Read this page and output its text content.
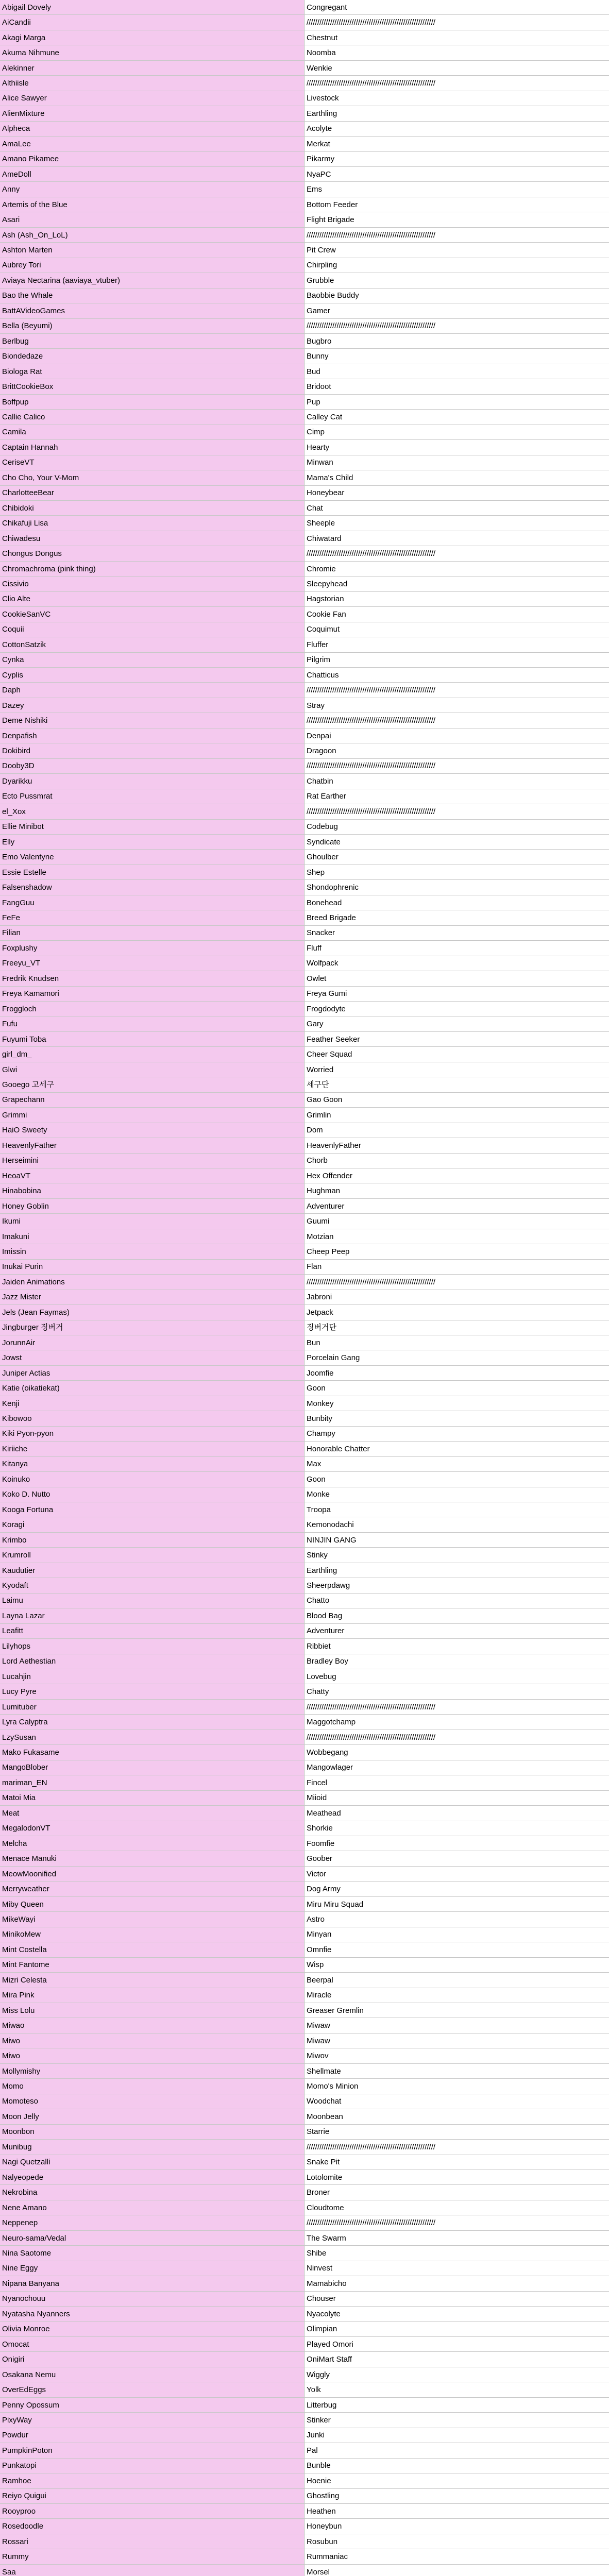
Abigail Dovely	Congregant
AiCandii	////////////////////////////////////////////////////////////
Akagi Marga	Chestnut
Akuma Nihmune	Noomba
Alekinner	Wenkie
Althiisle	////////////////////////////////////////////////////////////
Alice Sawyer	Livestock
AlienMixture	Earthling
Alpheca	Acolyte
AmaLee	Merkat
Amano Pikamee	Pikarmy
AmeDoll	NyaPC
Anny	Ems
Artemis of the Blue	Bottom Feeder
Asari	Flight Brigade
Ash (Ash_On_LoL)	////////////////////////////////////////////////////////////
Ashton Marten	Pit Crew
Aubrey Tori	Chirpling
Aviaya Nectarina (aaviaya_vtuber)	Grubble
Bao the Whale	Baobbie Buddy
BattAVideoGames	Gamer
Bella (Beyumi)	////////////////////////////////////////////////////////////
Berlbug	Bugbro
Biondedaze	Bunny
Biologa Rat	Bud
BrittCookieBox	Bridoot
Boffpup	Pup
Callie Calico	Calley Cat
Camila	Cimp
Captain Hannah	Hearty
CeriseVT	Minwan
Cho Cho, Your V-Mom	Mama's Child
CharlotteeBear	Honeybear
Chibidoki	Chat
Chikafuji Lisa	Sheeple
Chiwadesu	Chiwatard
Chongus Dongus	////////////////////////////////////////////////////////////
Chromachroma (pink thing)	Chromie
Cissivio	Sleepyhead
Clio Alte	Hagstorian
CookieSanVC	Cookie Fan
Coquii	Coquimut
CottonSatzik	Fluffer
Cynka	Pilgrim
Cyplis	Chatticus
Daph	////////////////////////////////////////////////////////////
Dazey	Stray
Deme Nishiki	////////////////////////////////////////////////////////////
Denpafish	Denpai
Dokibird	Dragoon
Dooby3D	////////////////////////////////////////////////////////////
Dyarikku	Chatbin
Ecto Pussmrat	Rat Earther
el_Xox	////////////////////////////////////////////////////////////
Ellie Minibot	Codebug
Elly	Syndicate
Emo Valentyne	Ghoulber
Essie Estelle	Shep
Falsenshadow	Shondophrenic
FangGuu	Bonehead
FeFe	Breed Brigade
Filian	Snacker
Foxplushy	Fluff
Freeyu_VT	Wolfpack
Fredrik Knudsen	Owlet
Freya Kamamori	Freya Gumi
Froggloch	Frogdodyte
Fufu	Gary
Fuyumi Toba	Feather Seeker
girl_dm_	Cheer Squad
Glwi	Worried
Gooego 고세구	세구단
Grapechann	Gao Goon
Grimmi	Grimlin
HaiO Sweety	Dom
HeavenlyFather	HeavenlyFather
Herseimini	Chorb
HeoaVT	Hex Offender
Hinabobina	Hughman
Honey Goblin	Adventurer
Ikumi	Guumi
Imakuni	Motzian
Imissin	Cheep Peep
Inukai Purin	Flan
Jaiden Animations	////////////////////////////////////////////////////////////
Jazz Mister	Jabroni
Jels (Jean Faymas)	Jetpack
Jingburger 징버거	징버거단
JorunnAir	Bun
Jowst	Porcelain Gang
Juniper Actias	Joomfie
Katie (oikatiekat)	Goon
Kenji	Monkey
Kibowoo	Bunbity
Kiki Pyon-pyon	Champy
Kiriiche	Honorable Chatter
Kitanya	Max
Koinuko	Goon
Koko D. Nutto	Monke
Kooga Fortuna	Troopa
Koragi	Kemonodachi
Krimbo	NINJIN GANG
Krumroll	Stinky
Kaudutier	Earthling
Kyodaft	Sheerpdawg
Laimu	Chatto
Layna Lazar	Blood Bag
Leafitt	Adventurer
Lilyhops	Ribbiet
Lord Aethestian	Bradley Boy
Lucahjin	Lovebug
Lucy Pyre	Chatty
Lumituber	////////////////////////////////////////////////////////////
Lyra Calyptra	Maggotchamp
LzySusan	////////////////////////////////////////////////////////////
Mako Fukasame	Wobbegang
MangoBlober	Mangowlager
mariman_EN	Fincel
Matoi Mia	Miioid
Meat	Meathead
MegalodonVT	Shorkie
Melcha	Foomfie
Menace Manuki	Goober
MeowMoonified	Victor
Merryweather	Dog Army
Miby Queen	Miru Miru Squad
MikeWayi	Astro
MinikoMew	Minyan
Mint Costella	Omnfie
Mint Fantome	Wisp
Mizri Celesta	Beerpal
Mira Pink	Miracle
Miss Lolu	Greaser Gremlin
Miwao	Miwaw
Miwo	Miwaw
Miwo	Miwov
Mollymishy	Shellmate
Momo	Momo's Minion
Momoteso	Woodchat
Moon Jelly	Moonbean
Moonbon	Starrie
Munibug	////////////////////////////////////////////////////////////
Nagi Quetzalli	Snake Pit
Nalyeopede	Lotolomite
Nekrobina	Broner
Nene Amano	Cloudtome
Neppenep	////////////////////////////////////////////////////////////
Neuro-sama/Vedal	The Swarm
Nina Saotome	Shibe
Nine Eggy	Ninvest
Nipana Banyana	Mamabicho
Nyanochouu	Chouser
Nyatasha Nyanners	Nyacolyte
Olivia Monroe	Olimpian
Omocat	Played Omori
Onigiri	OniMart Staff
Osakana Nemu	Wiggly
OverEdEggs	Yolk
Penny Opossum	Litterbug
PixyWay	Stinker
Powdur	Junki
PumpkinPoton	Pal
Punkatopi	Bunble
Ramhoe	Hoenie
Reiyo Quigui	Ghostling
Rooyproo	Heathen
Rosedoodle	Honeybun
Rossari	Rosubun
Rummy	Rummaniac
Saa	Morsel
